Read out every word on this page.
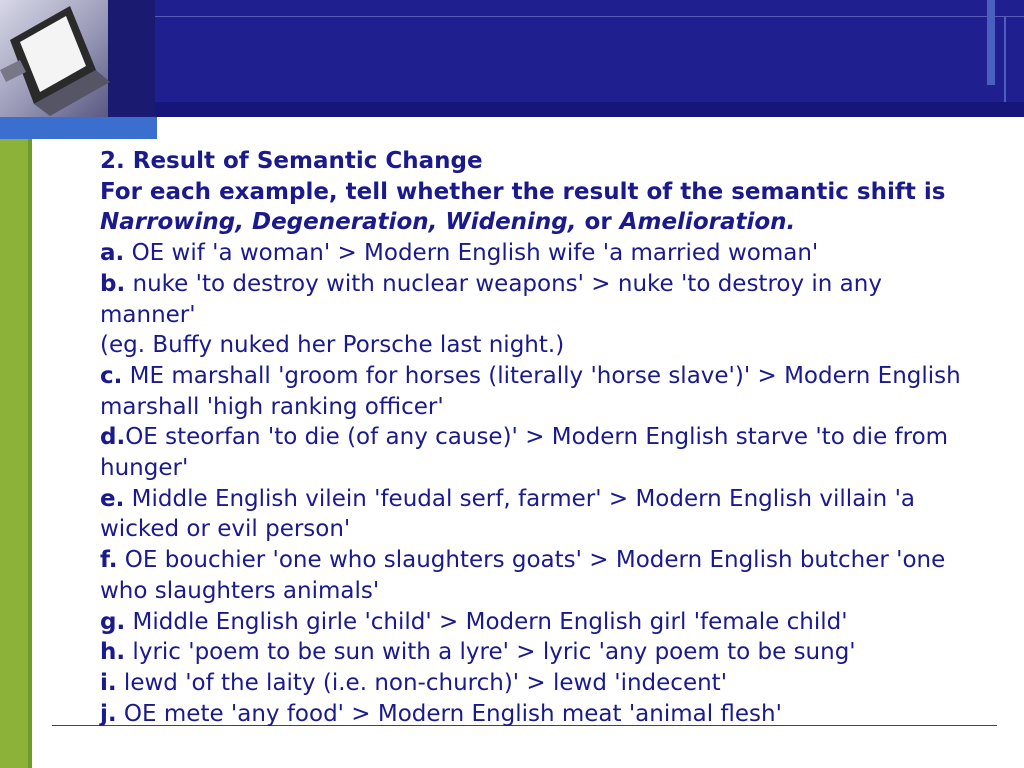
2. Result of Semantic Change

For each example, tell whether the result of the semantic shift is Narrowing, Degeneration, Widening, or Amelioration.

a. OE wif 'a woman' > Modern English wife 'a married woman'

b. nuke 'to destroy with nuclear weapons' > nuke 'to destroy in any manner'

(eg. Buffy nuked her Porsche last night.)

c. ME marshall 'groom for horses (literally 'horse slave')' > Modern English marshall 'high ranking officer'

d.OE steorfan 'to die (of any cause)' > Modern English starve 'to die from hunger'

e. Middle English vilein 'feudal serf, farmer' > Modern English villain 'a wicked or evil person'

f. OE bouchier 'one who slaughters goats' > Modern English butcher 'one who slaughters animals'

g. Middle English girle 'child' > Modern English girl 'female child'

h. lyric 'poem to be sun with a lyre' > lyric 'any poem to be sung'

i. lewd 'of the laity (i.e. non-church)' > lewd 'indecent'

j. OE mete 'any food' > Modern English meat 'animal flesh'
